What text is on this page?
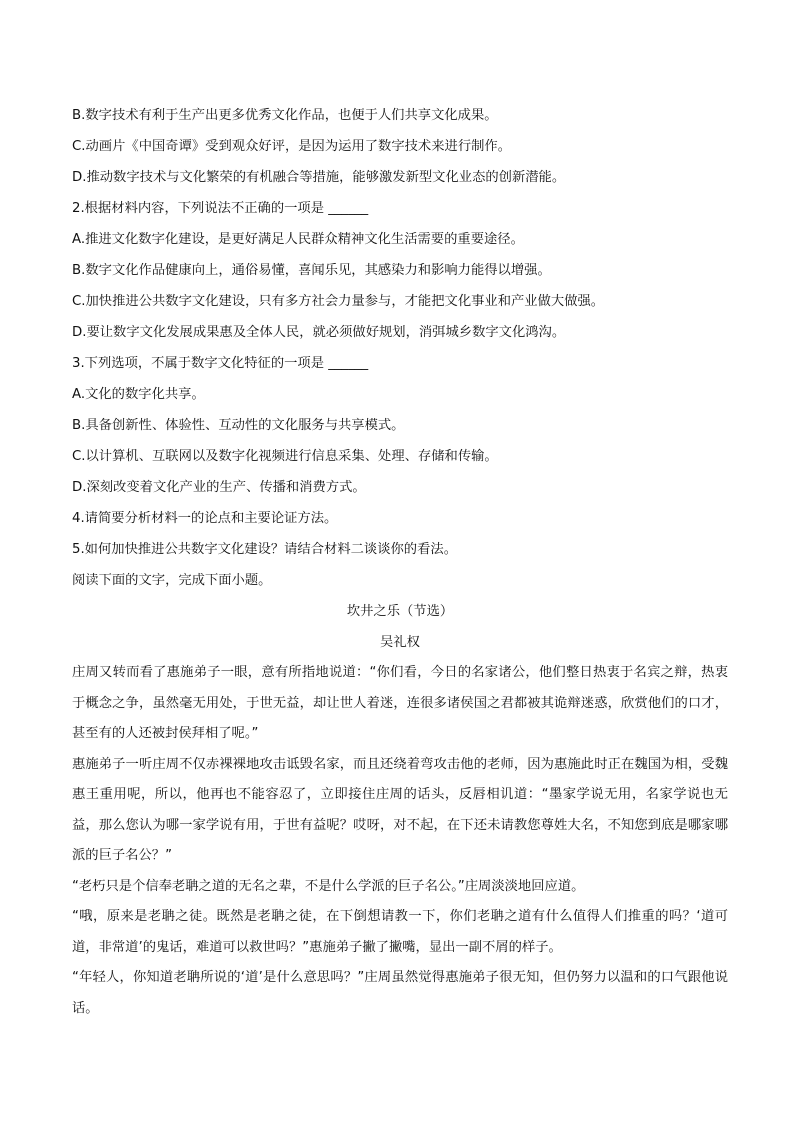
B.数字技术有利于生产出更多优秀文化作品，也便于人们共享文化成果。
C.动画片《中国奇谭》受到观众好评，是因为运用了数字技术来进行制作。
D.推动数字技术与文化繁荣的有机融合等措施，能够激发新型文化业态的创新潜能。
2.根据材料内容，下列说法不正确的一项是 ______
A.推进文化数字化建设，是更好满足人民群众精神文化生活需要的重要途径。
B.数字文化作品健康向上，通俗易懂，喜闻乐见，其感染力和影响力能得以增强。
C.加快推进公共数字文化建设，只有多方社会力量参与，才能把文化事业和产业做大做强。
D.要让数字文化发展成果惠及全体人民，就必须做好规划，消弭城乡数字文化鸿沟。
3.下列选项，不属于数字文化特征的一项是 ______
A.文化的数字化共享。
B.具备创新性、体验性、互动性的文化服务与共享模式。
C.以计算机、互联网以及数字化视频进行信息采集、处理、存储和传输。
D.深刻改变着文化产业的生产、传播和消费方式。
4.请简要分析材料一的论点和主要论证方法。
5.如何加快推进公共数字文化建设？请结合材料二谈谈你的看法。
阅读下面的文字，完成下面小题。
坎井之乐（节选）
吴礼权
庄周又转而看了惠施弟子一眼，意有所指地说道：“你们看，今日的名家诸公，他们整日热衷于名宾之辩，热衷于概念之争，虽然毫无用处，于世无益，却让世人着迷，连很多诸侯国之君都被其诡辩迷惑，欣赏他们的口才，甚至有的人还被封侯拜相了呢。”
惠施弟子一听庄周不仅赤裸裸地攻击诋毁名家，而且还绕着弯攻击他的老师，因为惠施此时正在魏国为相，受魏惠王重用呢，所以，他再也不能容忍了，立即接住庄周的话头，反唇相讥道：“墨家学说无用，名家学说也无益，那么您认为哪一家学说有用，于世有益呢？哎呀，对不起，在下还未请教您尊姓大名，不知您到底是哪家哪派的巨子名公？”
“老朽只是个信奉老聃之道的无名之辈，不是什么学派的巨子名公。”庄周淡淡地回应道。
“哦，原来是老聃之徒。既然是老聃之徒，在下倒想请教一下，你们老聃之道有什么值得人们推重的吗？‘道可道，非常道’的鬼话，难道可以救世吗？”惠施弟子撇了撇嘴，显出一副不屑的样子。
“年轻人，你知道老聃所说的‘道’是什么意思吗？”庄周虽然觉得惠施弟子很无知，但仍努力以温和的口气跟他说话。
